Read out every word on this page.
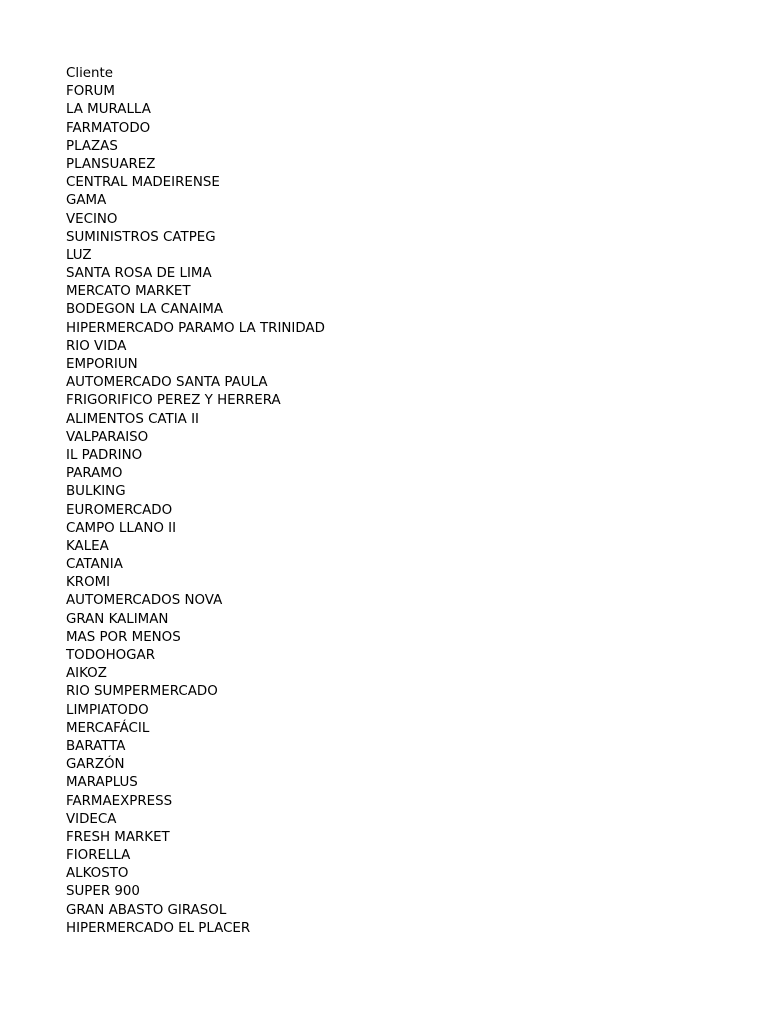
Cliente
FORUM
LA MURALLA
FARMATODO
PLAZAS
PLANSUAREZ
CENTRAL MADEIRENSE
GAMA
VECINO
SUMINISTROS CATPEG
LUZ
SANTA ROSA DE LIMA
MERCATO MARKET
BODEGON LA CANAIMA
HIPERMERCADO PARAMO LA TRINIDAD
RIO VIDA
EMPORIUN
AUTOMERCADO SANTA PAULA
FRIGORIFICO PEREZ Y HERRERA
ALIMENTOS CATIA II
VALPARAISO
IL PADRINO
PARAMO
BULKING
EUROMERCADO
CAMPO LLANO II
KALEA
CATANIA
KROMI
AUTOMERCADOS NOVA
GRAN KALIMAN
MAS POR MENOS
TODOHOGAR
AIKOZ
RIO SUMPERMERCADO
LIMPIATODO
MERCAFÁCIL
BARATTA
GARZÓN
MARAPLUS
FARMAEXPRESS
VIDECA
FRESH MARKET
FIORELLA
ALKOSTO
SUPER 900
GRAN ABASTO GIRASOL
HIPERMERCADO EL PLACER
